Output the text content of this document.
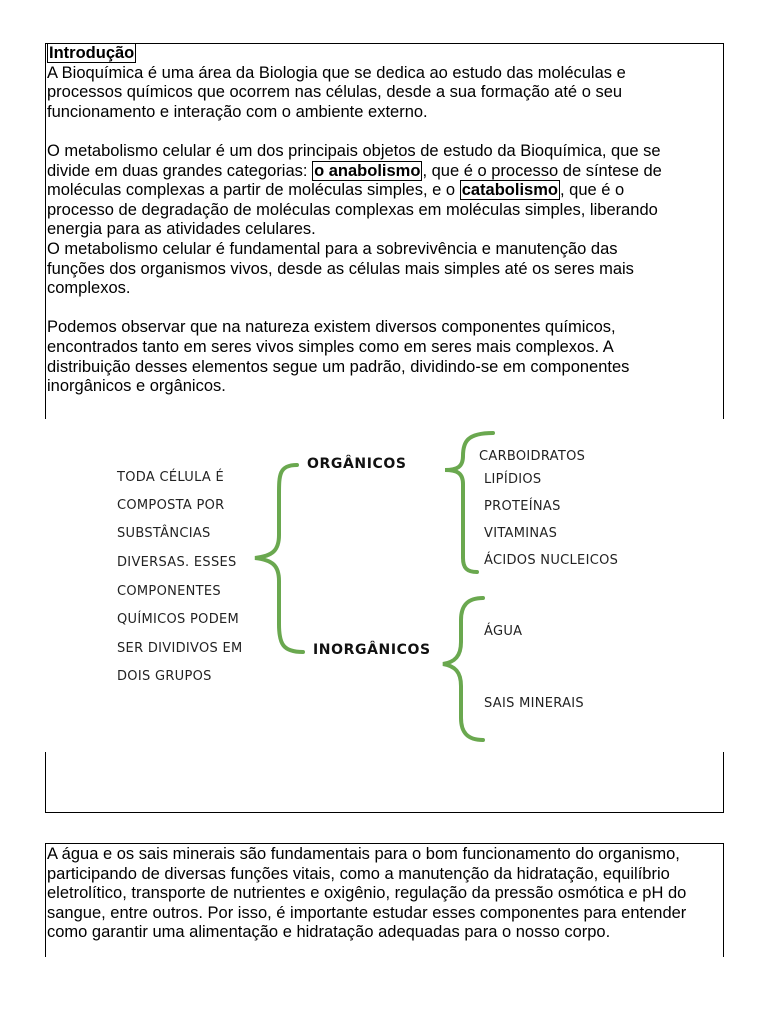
Introdução
A Bioquímica é uma área da Biologia que se dedica ao estudo das moléculas e
processos químicos que ocorrem nas células, desde a sua formação até o seu
funcionamento e interação com o ambiente externo.
O metabolismo celular é um dos principais objetos de estudo da Bioquímica, que se
divide em duas grandes categorias: o anabolismo , que é o processo de síntese de
moléculas complexas a partir de moléculas simples, e o catabolismo , que é o
processo de degradação de moléculas complexas em moléculas simples, liberando
energia para as atividades celulares.
O metabolismo celular é fundamental para a sobrevivência e manutenção das
funções dos organismos vivos, desde as células mais simples até os seres mais
complexos.
Podemos observar que na natureza existem diversos componentes químicos,
encontrados tanto em seres vivos simples como em seres mais complexos. A
distribuição desses elementos segue um padrão, dividindo-se em componentes
inorgânicos e orgânicos.
TODA CÉLULA É
COMPOSTA POR
SUBSTÂNCIAS
DIVERSAS. ESSES
COMPONENTES
QUÍMICOS PODEM
SER DIVIDIVOS EM
DOIS GRUPOS
ORGÂNICOS
INORGÂNICOS
CARBOIDRATOS
LIPÍDIOS
PROTEÍNAS
VITAMINAS
ÁCIDOS NUCLEICOS
ÁGUA
SAIS MINERAIS
A água e os sais minerais são fundamentais para o bom funcionamento do organismo,
participando de diversas funções vitais, como a manutenção da hidratação, equilíbrio
eletrolítico, transporte de nutrientes e oxigênio, regulação da pressão osmótica e pH do
sangue, entre outros. Por isso, é importante estudar esses componentes para entender
como garantir uma alimentação e hidratação adequadas para o nosso corpo.
